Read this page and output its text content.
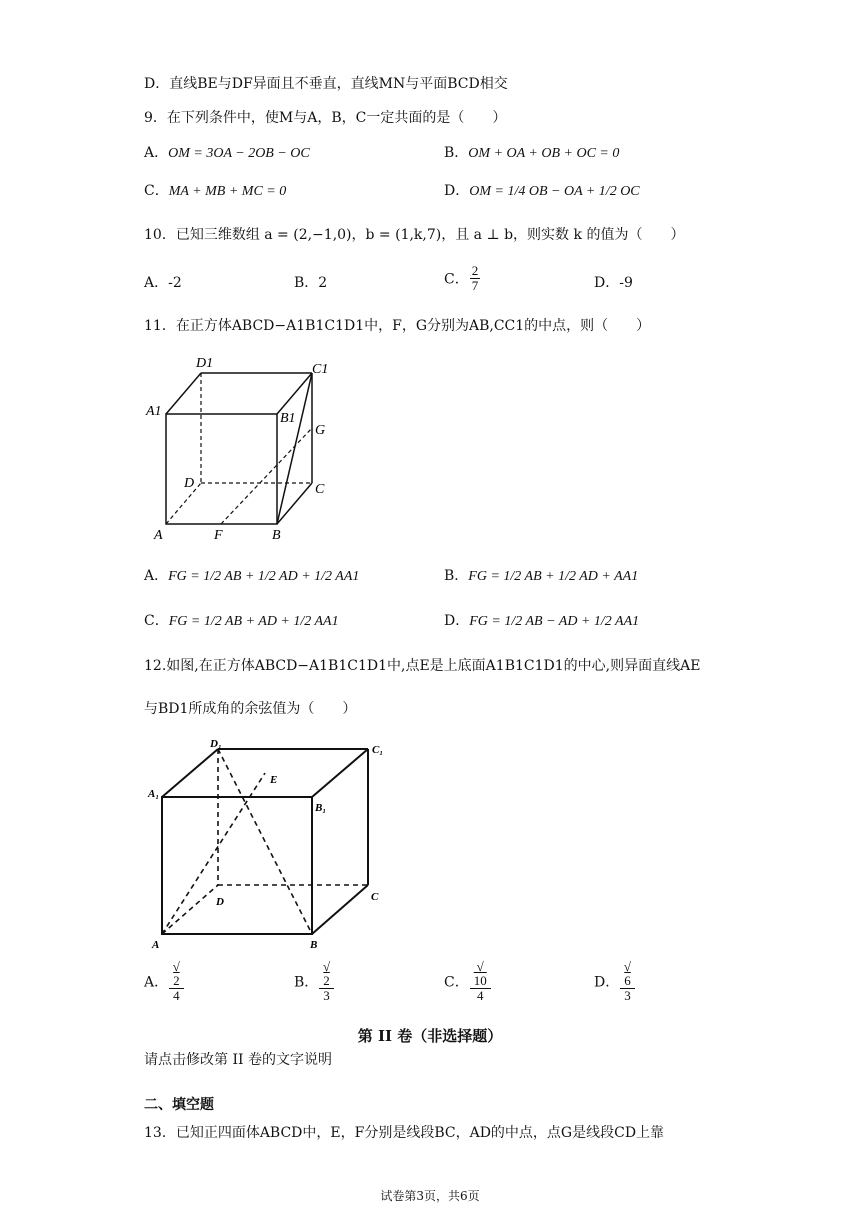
D．直线BE与DF异面且不垂直，直线MN与平面BCD相交
9．在下列条件中，使M与A，B，C一定共面的是（　　）
A．OM = 3OA − 2OB − OC	B．OM + OA + OB + OC = 0
C．MA + MB + MC = 0	D．OM = 1/4 OB − OA + 1/2 OC
10．已知三维数组 a = (2,−1,0)，b = (1,k,7)，且 a ⊥ b，则实数 k 的值为（　　）
A．-2	B．2	C． $\frac{2}{7}$	D．-9
11．在正方体ABCD−A1B1C1D1中，F，G分别为AB,CC1的中点，则（　　）
D1	C1
A1	B1
G
D	C
A	F	B
A．FG = 1/2 AB + 1/2 AD + 1/2 AA1	B．FG = 1/2 AB + 1/2 AD + AA1
C．FG = 1/2 AB + AD + 1/2 AA1	D．FG = 1/2 AB − AD + 1/2 AA1
12.如图,在正方体ABCD−A1B1C1D1中,点E是上底面A1B1C1D1的中心,则异面直线AE
与BD1所成角的余弦值为（　　）
D₁	C₁
A₁
B₁
E
D	C
A	B
A． √
2
4	B． √
2
3	C． √
10
4	D． √
6
3
第 II 卷（非选择题）
请点击修改第 II 卷的文字说明
二、填空题
13．已知正四面体ABCD中，E，F分别是线段BC，AD的中点，点G是线段CD上靠
试卷第3页，共6页
